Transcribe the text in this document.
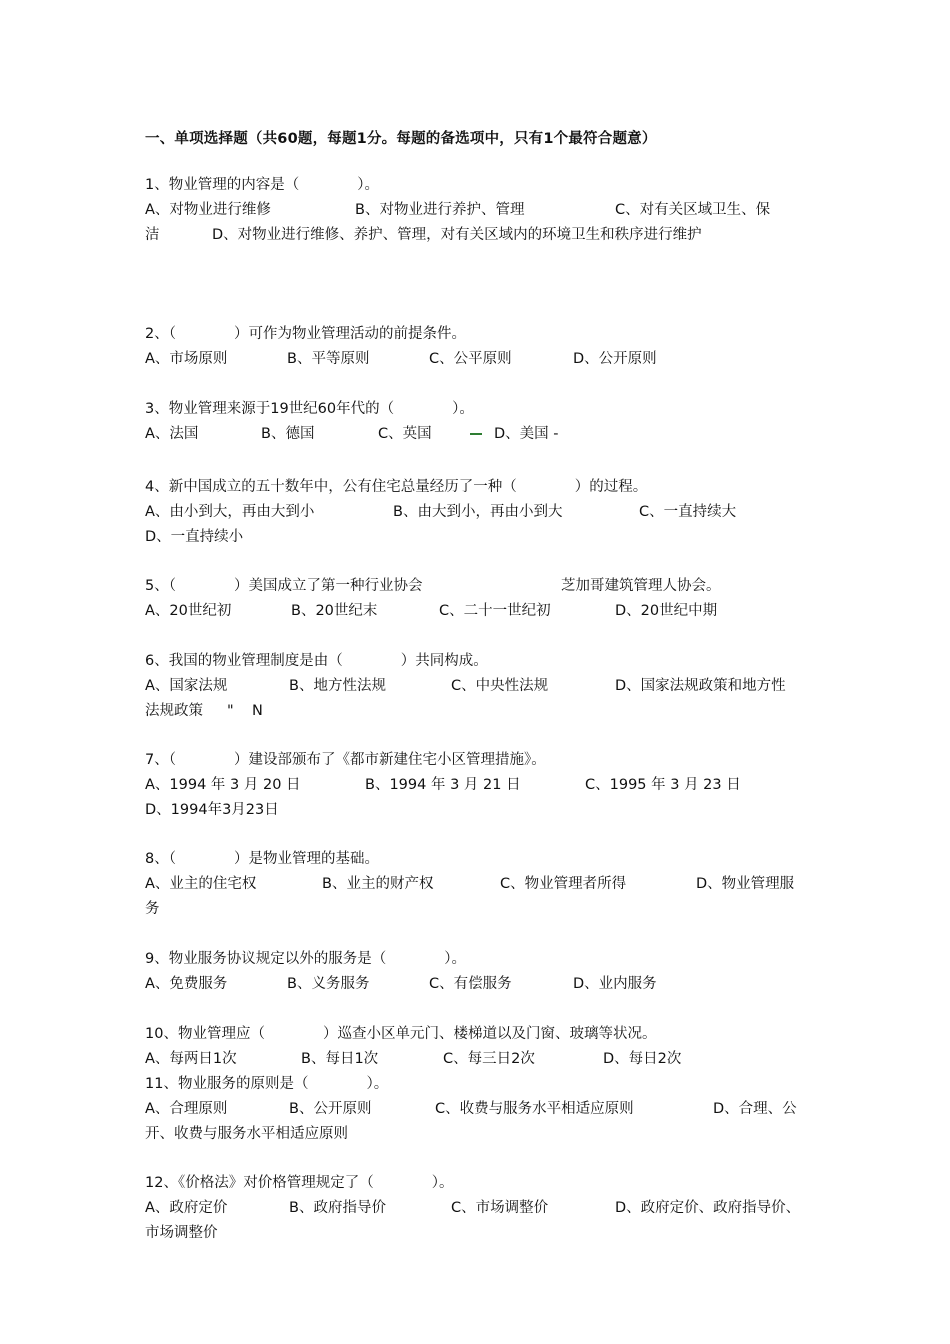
一、单项选择题（共60题，每题1分。每题的备选项中，只有1个最符合题意）
1、物业管理的内容是（　　　　）。
A、对物业进行维修	B、对物业进行养护、管理	C、对有关区域卫生、保
洁	D、对物业进行维修、养护、管理，对有关区域内的环境卫生和秩序进行维护
2、（　　　　）可作为物业管理活动的前提条件。
A、市场原则	B、平等原则	C、公平原则	D、公开原则
3、物业管理来源于19世纪60年代的（　　　　）。
A、法国	B、德国	C、英国	D、美国 -
4、新中国成立的五十数年中，公有住宅总量经历了一种（　　　　）的过程。
A、由小到大，再由大到小	B、由大到小，再由小到大	C、一直持续大
D、一直持续小
5、（　　　　）美国成立了第一种行业协会	芝加哥建筑管理人协会。
A、20世纪初	B、20世纪末	C、二十一世纪初	D、20世纪中期
6、我国的物业管理制度是由（　　　　）共同构成。
A、国家法规	B、地方性法规	C、中央性法规	D、国家法规政策和地方性
法规政策 " N
7、（　　　　）建设部颁布了《都市新建住宅小区管理措施》。
A、1994 年 3 月 20 日	B、1994 年 3 月 21 日	C、1995 年 3 月 23 日
D、1994年3月23日
8、（　　　　）是物业管理的基础。
A、业主的住宅权	B、业主的财产权	C、物业管理者所得	D、物业管理服
务
9、物业服务协议规定以外的服务是（　　　　）。
A、免费服务	B、义务服务	C、有偿服务	D、业内服务
10、物业管理应（　　　　）巡查小区单元门、楼梯道以及门窗、玻璃等状况。
A、每两日1次	B、每日1次	C、每三日2次	D、每日2次
11、物业服务的原则是（　　　　）。
A、合理原则	B、公开原则	C、收费与服务水平相适应原则	D、合理、公
开、收费与服务水平相适应原则
12、《价格法》对价格管理规定了（　　　　）。
A、政府定价	B、政府指导价	C、市场调整价	D、政府定价、政府指导价、
市场调整价
